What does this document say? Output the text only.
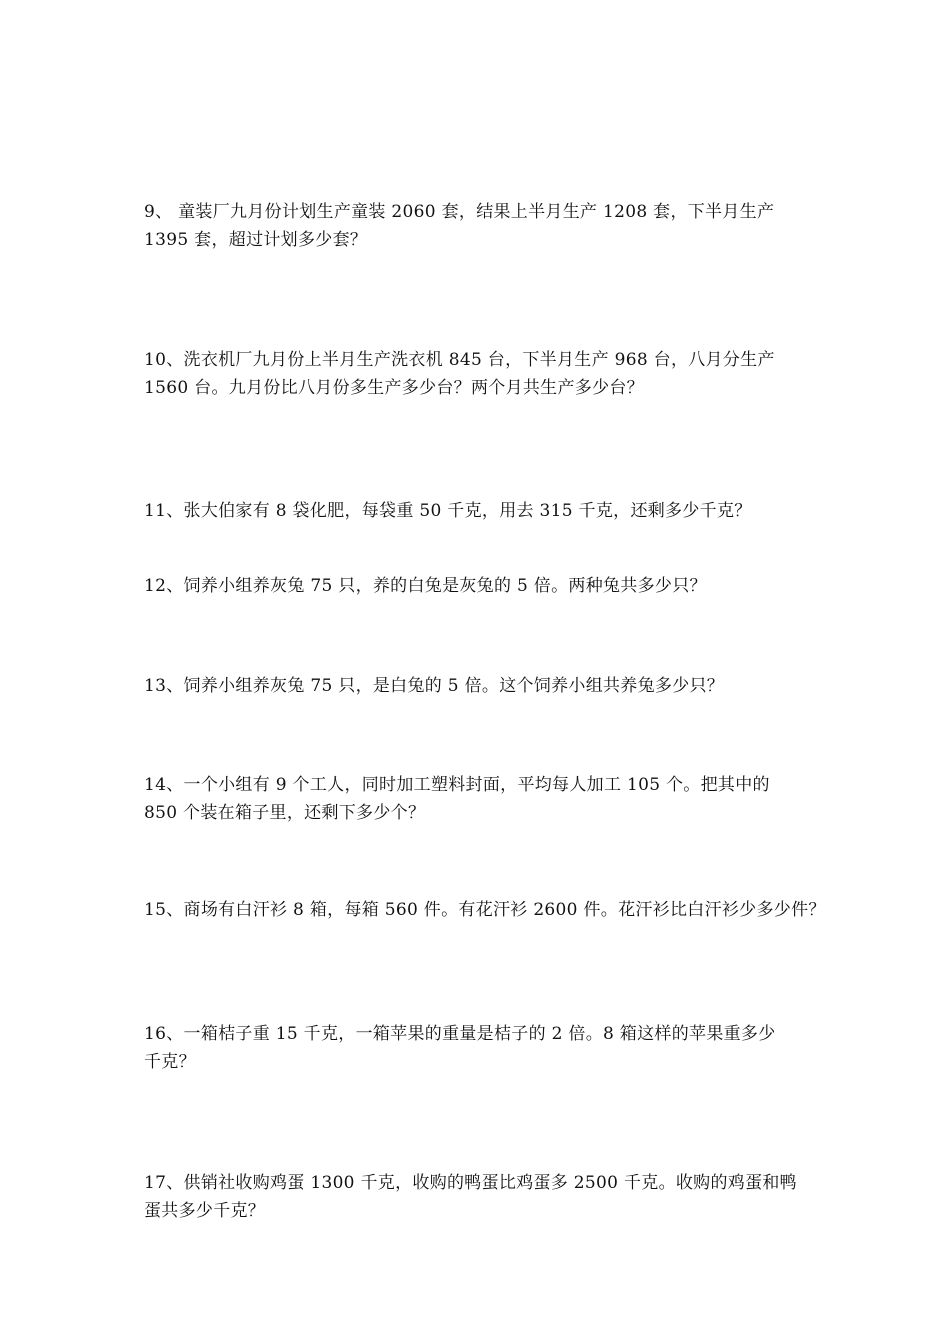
9、 童装厂九月份计划生产童装 2060 套，结果上半月生产 1208 套，下半月生产
1395 套，超过计划多少套？
10、洗衣机厂九月份上半月生产洗衣机 845 台，下半月生产 968 台，八月分生产
1560 台。九月份比八月份多生产多少台？两个月共生产多少台？
11、张大伯家有 8 袋化肥，每袋重 50 千克，用去 315 千克，还剩多少千克？
12、饲养小组养灰兔 75 只，养的白兔是灰兔的 5 倍。两种兔共多少只？
13、饲养小组养灰兔 75 只，是白兔的 5 倍。这个饲养小组共养兔多少只？
14、一个小组有 9 个工人，同时加工塑料封面，平均每人加工 105 个。把其中的
850 个装在箱子里，还剩下多少个？
15、商场有白汗衫 8 箱，每箱 560 件。有花汗衫 2600 件。花汗衫比白汗衫少多少件？
16、一箱桔子重 15 千克，一箱苹果的重量是桔子的 2 倍。8 箱这样的苹果重多少
千克？
17、供销社收购鸡蛋 1300 千克，收购的鸭蛋比鸡蛋多 2500 千克。收购的鸡蛋和鸭
蛋共多少千克？
